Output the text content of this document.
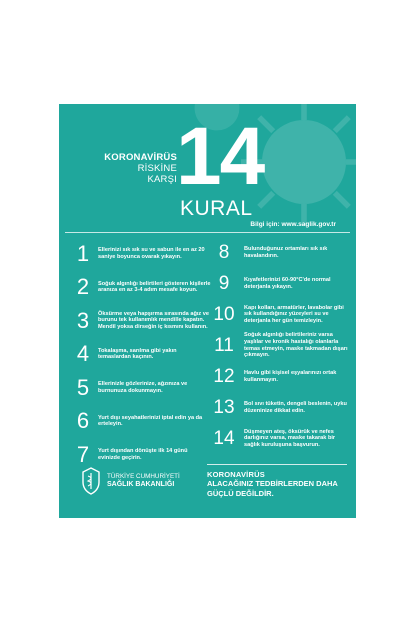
KORONAVİRÜS
RİSKİNE
KARŞI 14
KURAL
Bilgi için: www.saglik.gov.tr
1	Ellerinizi sık sık su ve sabun ile en az 20 saniye boyunca ovarak yıkayın.
2	Soğuk algınlığı belirtileri gösteren kişilerle aranıza en az 3-4 adım mesafe koyun.
3	Öksürme veya hapşırma sırasında ağız ve burunu tek kullanımlık mendille kapatın. Mendil yoksa dirseğin iç kısmını kullanın.
4	Tokalaşma, sarılma gibi yakın temaslardan kaçının.
5	Ellerinizle gözlerinize, ağzınıza ve burnunuza dokunmayın.
6	Yurt dışı seyahatlerinizi iptal edin ya da erteleyin.
7	Yurt dışından dönüşte ilk 14 günü evinizde geçirin.
8	Bulunduğunuz ortamları sık sık havalandırın.
9	Kıyafetlerinizi 60-90°C'de normal deterjanla yıkayın.
10	Kapı kolları, armatürler, lavabolar gibi sık kullandığınız yüzeyleri su ve deterjanla her gün temizleyin.
11	Soğuk algınlığı belirtileriniz varsa yaşlılar ve kronik hastalığı olanlarla temas etmeyin, maske takmadan dışarı çıkmayın.
12	Havlu gibi kişisel eşyalarınızı ortak kullanmayın.
13	Bol sıvı tüketin, dengeli beslenin, uyku düzeninize dikkat edin.
14	Düşmeyen ateş, öksürük ve nefes darlığınız varsa, maske takarak bir sağlık kuruluşuna başvurun.
TÜRKİYE CUMHURİYETİ
SAĞLIK BAKANLIĞI
KORONAVİRÜS
ALACAĞINIZ TEDBİRLERDEN DAHA GÜÇLÜ DEĞİLDİR.
